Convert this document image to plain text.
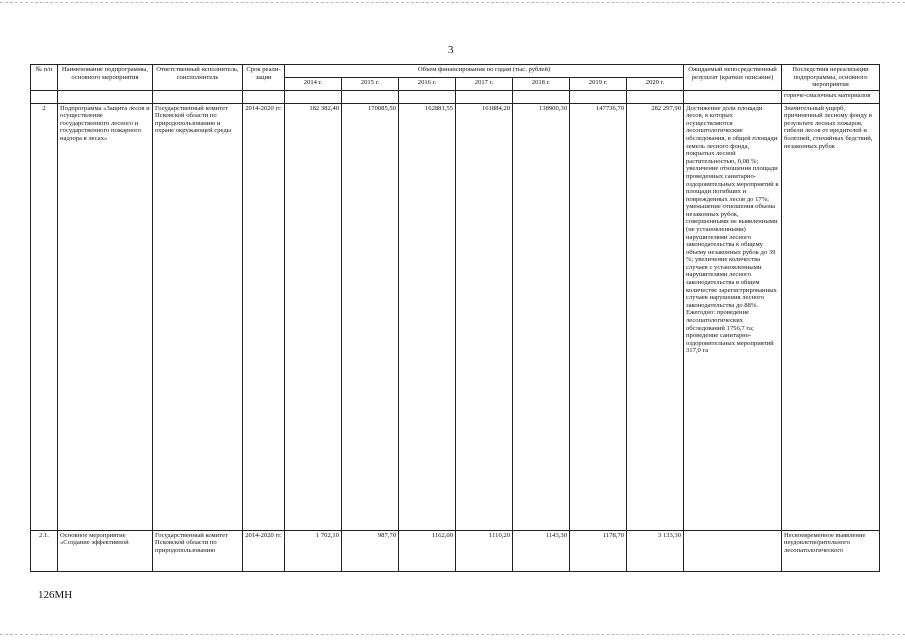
3
№ п/п	Наименование подпрограммы, основного мероприятия	Ответственный исполнитель, соисполнитель	Срок реали-зации	Объем финансирования по годам (тыс. рублей)							Ожидаемый непосредственный результат (краткое описание)	Последствия нереализации подпрограммы, основного мероприятия
				2014 г.	2015 г.	2016 г.	2017 г.	2018 г.	2019 г.	2020 г.		
												горюче-смазочных материалов
2	Подпрограмма «Защита лесов и осуществление государственного лесного и государственного пожарного надзора в лесах»	Государственный комитет Псковской области по природопользованию и охране окружающей среды	2014-2020 гг.	182 382,40	170085,50	162881,55	161884,20	138900,30	147736,70	282 297,90	Достижение доли площади лесов, в которых осуществляются лесопатологические обследования, в общей площади земель лесного фонда, покрытых лесной растительностью, 0,08 %; увеличение отношения площади проведенных санитарно-оздоровительных мероприятий к площади погибших и поврежденных лесов до 17%; уменьшение отношения объема незаконных рубок, совершенными не выявленными (не установленными) нарушителями лесного законодательства к общему объему незаконных рубок до 39 %; увеличение количества случаев с установленными нарушителями лесного законодательства в общем количестве зарегистрированных случаев нарушения лесного законодательства до 88%. Ежегодно: проведение лесопатологических обследований 1756,7 га; проведение санитарно-оздоровительных мероприятий 317,0 га	Значительный ущерб, причиненный лесному фонду в результате лесных пожаров, гибели лесов от вредителей и болезней, стихийных бедствий, незаконных рубок
2.1.	Основное мероприятие «Создание эффективной	Государственный комитет Псковской области по природопользованию	2014-2020 гг.	1 702,10	987,70	1162,00	1110,20	1143,30	1178,70	3 133,30		Несвоевременное выявление неудовлетворительного лесопатологического
126МН
